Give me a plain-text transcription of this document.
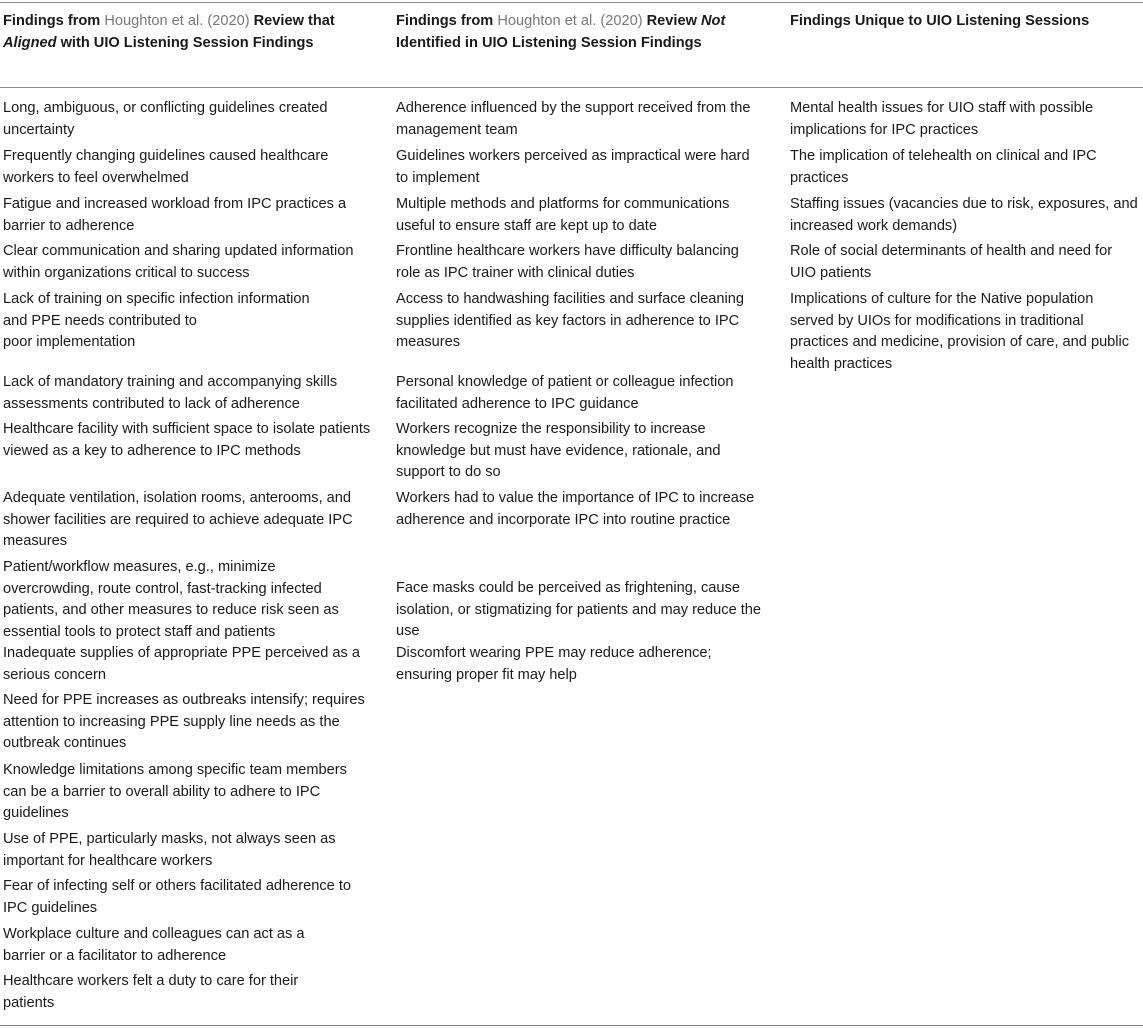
Findings from Houghton et al. (2020) Review that Aligned with UIO Listening Session Findings
Findings from Houghton et al. (2020) Review Not Identified in UIO Listening Session Findings
Findings Unique to UIO Listening Sessions
Long, ambiguous, or conflicting guidelines created uncertainty
Frequently changing guidelines caused healthcare workers to feel overwhelmed
Fatigue and increased workload from IPC practices a barrier to adherence
Clear communication and sharing updated information within organizations critical to success
Lack of training on specific infection information and PPE needs contributed to
poor implementation
Lack of mandatory training and accompanying skills assessments contributed to lack of adherence
Healthcare facility with sufficient space to isolate patients viewed as a key to adherence to IPC methods
Adequate ventilation, isolation rooms, anterooms, and shower facilities are required to achieve adequate IPC measures
Patient/workflow measures, e.g., minimize overcrowding, route control, fast-tracking infected patients, and other measures to reduce risk seen as essential tools to protect staff and patients
Inadequate supplies of appropriate PPE perceived as a serious concern
Need for PPE increases as outbreaks intensify; requires attention to increasing PPE supply line needs as the outbreak continues
Knowledge limitations among specific team members can be a barrier to overall ability to adhere to IPC guidelines
Use of PPE, particularly masks, not always seen as important for healthcare workers
Fear of infecting self or others facilitated adherence to IPC guidelines
Workplace culture and colleagues can act as a barrier or a facilitator to adherence
Healthcare workers felt a duty to care for their patients
Adherence influenced by the support received from the management team
Guidelines workers perceived as impractical were hard to implement
Multiple methods and platforms for communications useful to ensure staff are kept up to date
Frontline healthcare workers have difficulty balancing role as IPC trainer with clinical duties
Access to handwashing facilities and surface cleaning supplies identified as key factors in adherence to IPC measures
Personal knowledge of patient or colleague infection facilitated adherence to IPC guidance
Workers recognize the responsibility to increase knowledge but must have evidence, rationale, and support to do so
Workers had to value the importance of IPC to increase adherence and incorporate IPC into routine practice
Face masks could be perceived as frightening, cause isolation, or stigmatizing for patients and may reduce the use
Discomfort wearing PPE may reduce adherence; ensuring proper fit may help
Mental health issues for UIO staff with possible implications for IPC practices
The implication of telehealth on clinical and IPC practices
Staffing issues (vacancies due to risk, exposures, and increased work demands)
Role of social determinants of health and need for UIO patients
Implications of culture for the Native population served by UIOs for modifications in traditional practices and medicine, provision of care, and public health practices
